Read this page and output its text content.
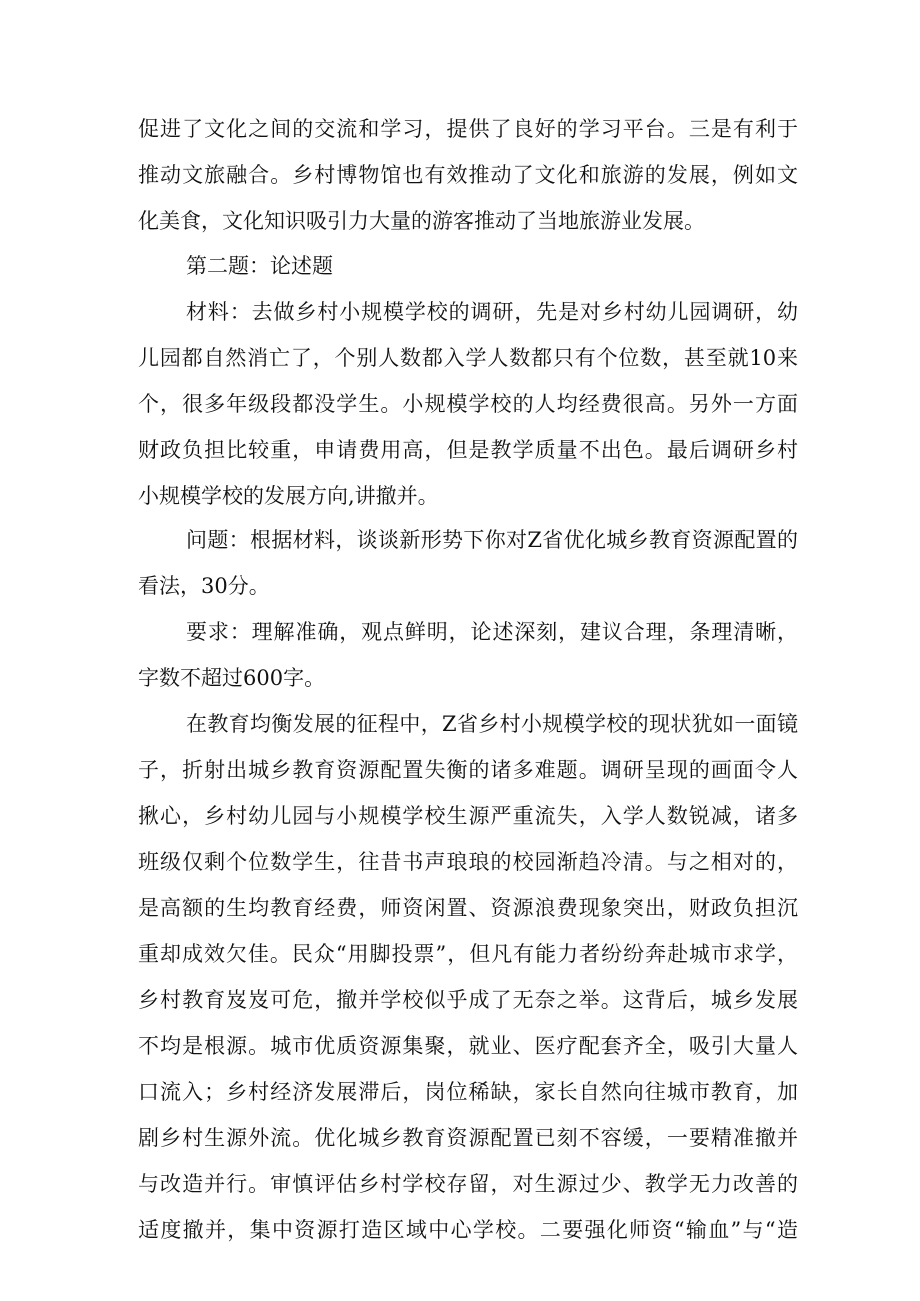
促进了文化之间的交流和学习，提供了良好的学习平台。三是有利于
推动文旅融合。乡村博物馆也有效推动了文化和旅游的发展，例如文
化美食，文化知识吸引力大量的游客推动了当地旅游业发展。
第二题：论述题
材料：去做乡村小规模学校的调研，先是对乡村幼儿园调研，幼
儿园都自然消亡了，个别人数都入学人数都只有个位数，甚至就10来
个，很多年级段都没学生。小规模学校的人均经费很高。另外一方面
财政负担比较重，申请费用高，但是教学质量不出色。最后调研乡村
小规模学校的发展方向,讲撤并。
问题：根据材料，谈谈新形势下你对Z省优化城乡教育资源配置的
看法，30分。
要求：理解准确，观点鲜明，论述深刻，建议合理，条理清晰，
字数不超过600字。
在教育均衡发展的征程中，Z省乡村小规模学校的现状犹如一面镜
子，折射出城乡教育资源配置失衡的诸多难题。调研呈现的画面令人
揪心，乡村幼儿园与小规模学校生源严重流失，入学人数锐减，诸多
班级仅剩个位数学生，往昔书声琅琅的校园渐趋冷清。与之相对的，
是高额的生均教育经费，师资闲置、资源浪费现象突出，财政负担沉
重却成效欠佳。民众“用脚投票”，但凡有能力者纷纷奔赴城市求学，
乡村教育岌岌可危，撤并学校似乎成了无奈之举。这背后，城乡发展
不均是根源。城市优质资源集聚，就业、医疗配套齐全，吸引大量人
口流入；乡村经济发展滞后，岗位稀缺，家长自然向往城市教育，加
剧乡村生源外流。优化城乡教育资源配置已刻不容缓，一要精准撤并
与改造并行。审慎评估乡村学校存留，对生源过少、教学无力改善的
适度撤并，集中资源打造区域中心学校。二要强化师资“输血”与“造
